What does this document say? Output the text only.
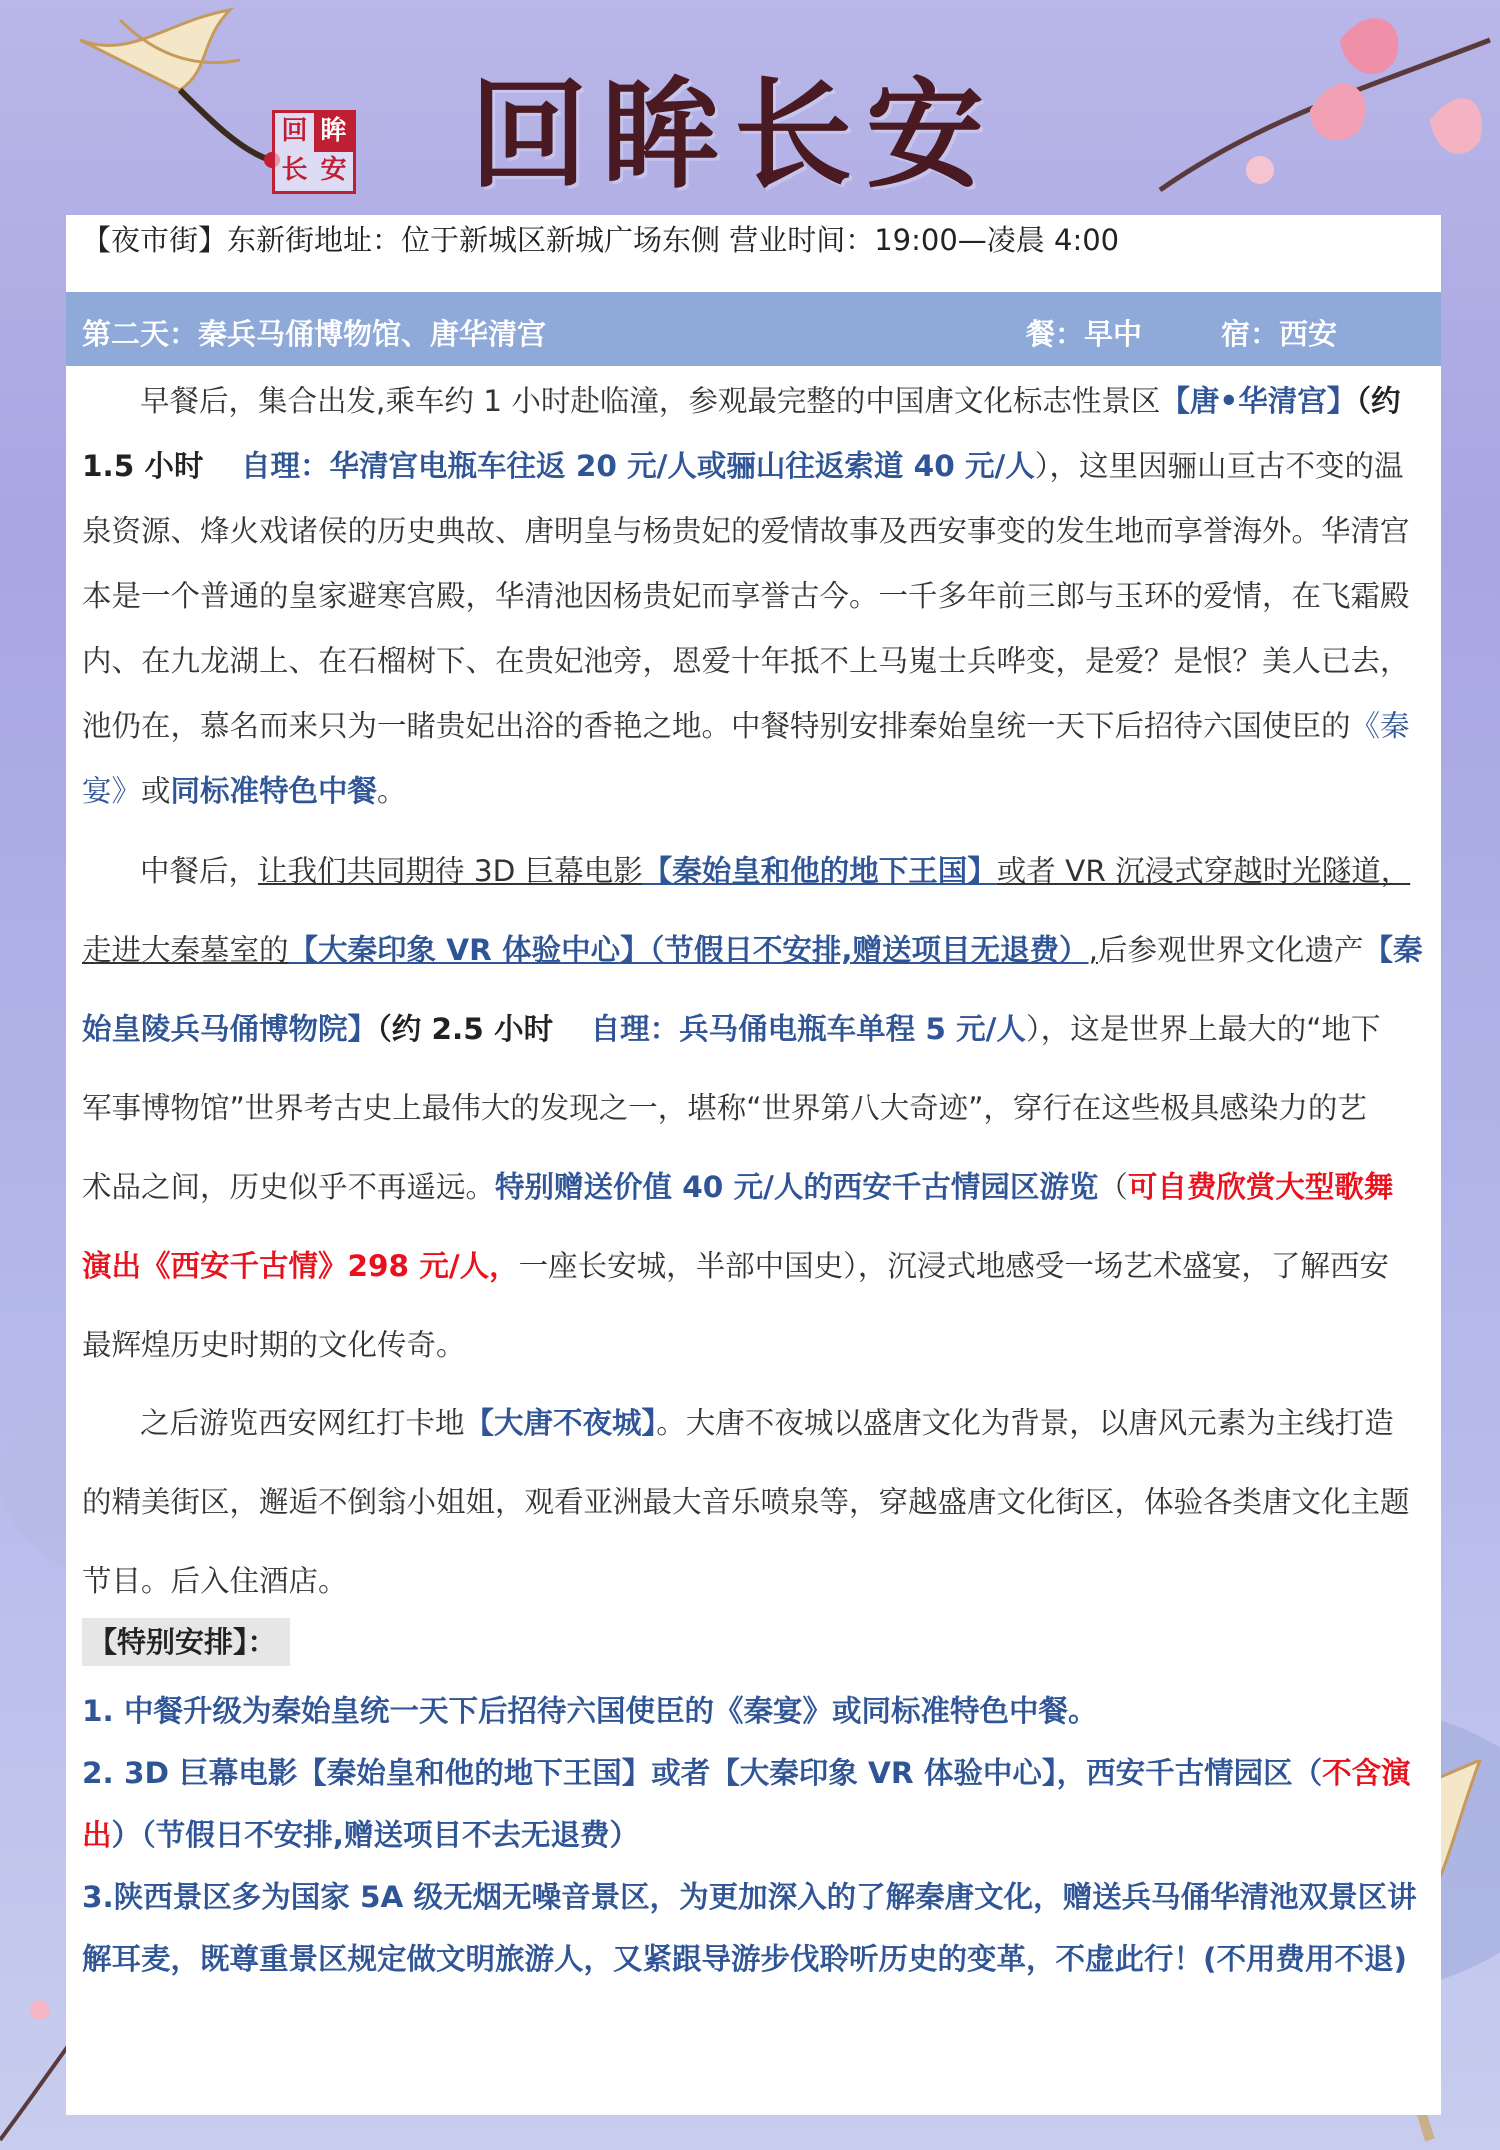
回 眸
长 安 回眸长安
【夜市街】东新街地址：位于新城区新城广场东侧 营业时间：19:00—凌晨 4:00
第二天：秦兵马俑博物馆、唐华清宫	餐：早中	宿：西安
早餐后，集合出发,乘车约 1 小时赴临潼，参观最完整的中国唐文化标志性景区【唐•华清宫】（约
1.5 小时 自理：华清宫电瓶车往返 20 元/人或骊山往返索道 40 元/人），这里因骊山亘古不变的温
泉资源、烽火戏诸侯的历史典故、唐明皇与杨贵妃的爱情故事及西安事变的发生地而享誉海外。华清宫
本是一个普通的皇家避寒宫殿，华清池因杨贵妃而享誉古今。一千多年前三郎与玉环的爱情，在飞霜殿
内、在九龙湖上、在石榴树下、在贵妃池旁，恩爱十年抵不上马嵬士兵哗变，是爱？是恨？美人已去，
池仍在，慕名而来只为一睹贵妃出浴的香艳之地。中餐特别安排秦始皇统一天下后招待六国使臣的《秦
宴》或同标准特色中餐。
中餐后，让我们共同期待 3D 巨幕电影【秦始皇和他的地下王国】或者 VR 沉浸式穿越时光隧道，
走进大秦墓室的【大秦印象 VR 体验中心】（节假日不安排,赠送项目无退费）,后参观世界文化遗产【秦
始皇陵兵马俑博物院】（约 2.5 小时 自理：兵马俑电瓶车单程 5 元/人），这是世界上最大的“地下
军事博物馆”世界考古史上最伟大的发现之一，堪称“世界第八大奇迹”，穿行在这些极具感染力的艺
术品之间，历史似乎不再遥远。特别赠送价值 40 元/人的西安千古情园区游览（可自费欣赏大型歌舞
演出《西安千古情》298 元/人，一座长安城，半部中国史），沉浸式地感受一场艺术盛宴，了解西安
最辉煌历史时期的文化传奇。
之后游览西安网红打卡地【大唐不夜城】。大唐不夜城以盛唐文化为背景，以唐风元素为主线打造
的精美街区，邂逅不倒翁小姐姐，观看亚洲最大音乐喷泉等，穿越盛唐文化街区，体验各类唐文化主题
节目。后入住酒店。
【特别安排】：
1. 中餐升级为秦始皇统一天下后招待六国使臣的《秦宴》或同标准特色中餐。
2. 3D 巨幕电影【秦始皇和他的地下王国】或者【大秦印象 VR 体验中心】，西安千古情园区（不含演
出）（节假日不安排,赠送项目不去无退费）
3.陕西景区多为国家 5A 级无烟无噪音景区，为更加深入的了解秦唐文化，赠送兵马俑华清池双景区讲
解耳麦，既尊重景区规定做文明旅游人，又紧跟导游步伐聆听历史的变革，不虚此行！(不用费用不退)
